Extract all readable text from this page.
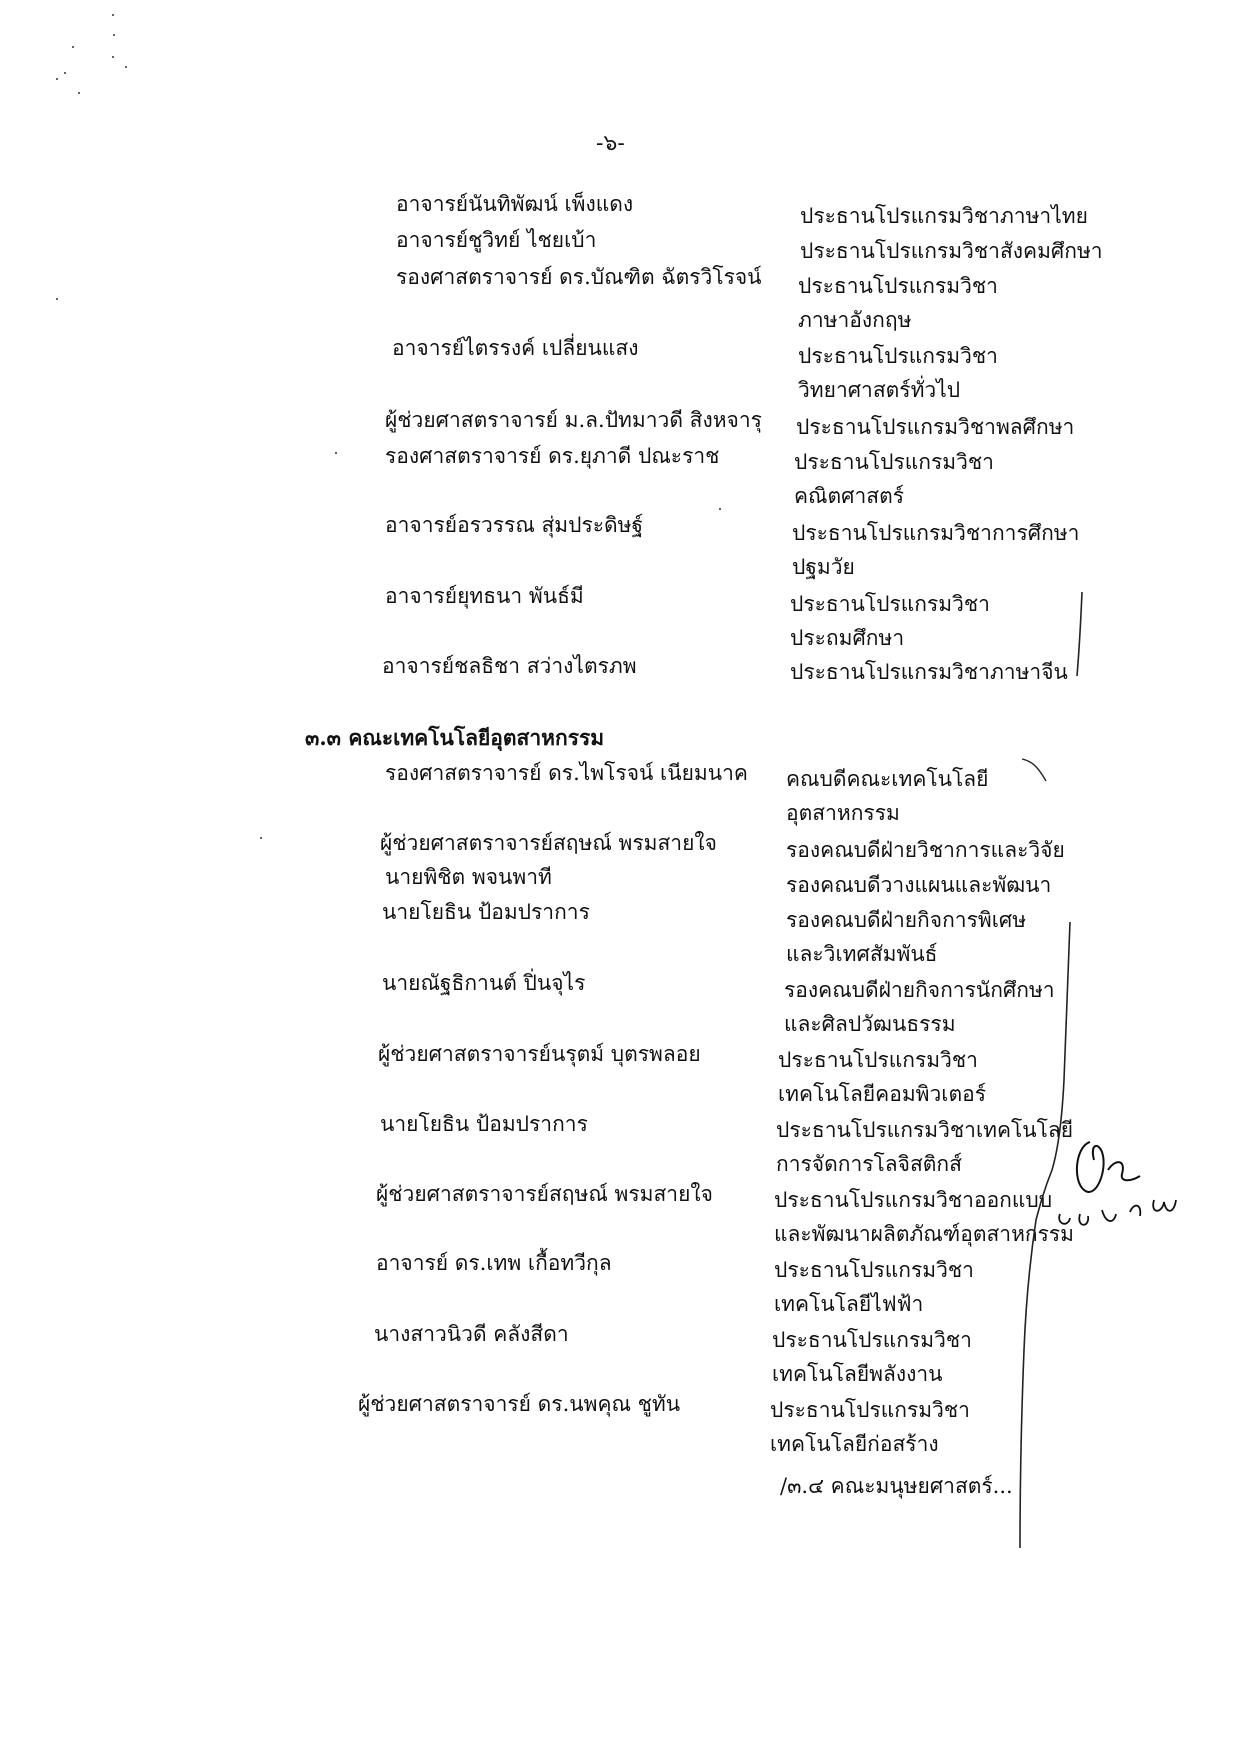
-๖-
อาจารย์นันทิพัฒน์ เพ็งแดง	ประธานโปรแกรมวิชาภาษาไทย
อาจารย์ชูวิทย์ ไชยเบ้า	ประธานโปรแกรมวิชาสังคมศึกษา
รองศาสตราจารย์ ดร.บัณฑิต ฉัตรวิโรจน์ ประธานโปรแกรมวิชา
ภาษาอังกฤษ
อาจารย์ไตรรงค์ เปลี่ยนแสง	ประธานโปรแกรมวิชา
วิทยาศาสตร์ทั่วไป
ผู้ช่วยศาสตราจารย์ ม.ล.ปัทมาวดี สิงหจารุ ประธานโปรแกรมวิชาพลศึกษา
รองศาสตราจารย์ ดร.ยุภาดี ปณะราช	ประธานโปรแกรมวิชา
คณิตศาสตร์
อาจารย์อรวรรณ สุ่มประดิษฐ์	ประธานโปรแกรมวิชาการศึกษา
ปฐมวัย
อาจารย์ยุทธนา พันธ์มี	ประธานโปรแกรมวิชา
ประถมศึกษา
อาจารย์ชลธิชา สว่างไตรภพ	ประธานโปรแกรมวิชาภาษาจีน
๓.๓ คณะเทคโนโลยีอุตสาหกรรม
รองศาสตราจารย์ ดร.ไพโรจน์ เนียมนาค คณบดีคณะเทคโนโลยี
อุตสาหกรรม
ผู้ช่วยศาสตราจารย์สฤษณ์ พรมสายใจ	รองคณบดีฝ่ายวิชาการและวิจัย
นายพิชิต พจนพาที	รองคณบดีวางแผนและพัฒนา
นายโยธิน ป้อมปราการ	รองคณบดีฝ่ายกิจการพิเศษ
และวิเทศสัมพันธ์
นายณัฐธิกานต์ ปิ่นจุไร	รองคณบดีฝ่ายกิจการนักศึกษา
และศิลปวัฒนธรรม
ผู้ช่วยศาสตราจารย์นรุตม์ บุตรพลอย	ประธานโปรแกรมวิชา
เทคโนโลยีคอมพิวเตอร์
นายโยธิน ป้อมปราการ	ประธานโปรแกรมวิชาเทคโนโลยี
การจัดการโลจิสติกส์
ผู้ช่วยศาสตราจารย์สฤษณ์ พรมสายใจ	ประธานโปรแกรมวิชาออกแบบ
และพัฒนาผลิตภัณฑ์อุตสาหกรรม
อาจารย์ ดร.เทพ เกื้อทวีกุล	ประธานโปรแกรมวิชา
เทคโนโลยีไฟฟ้า
นางสาวนิวดี คลังสีดา	ประธานโปรแกรมวิชา
เทคโนโลยีพลังงาน
ผู้ช่วยศาสตราจารย์ ดร.นพคุณ ชูทัน	ประธานโปรแกรมวิชา
เทคโนโลยีก่อสร้าง
/๓.๔ คณะมนุษยศาสตร์...
